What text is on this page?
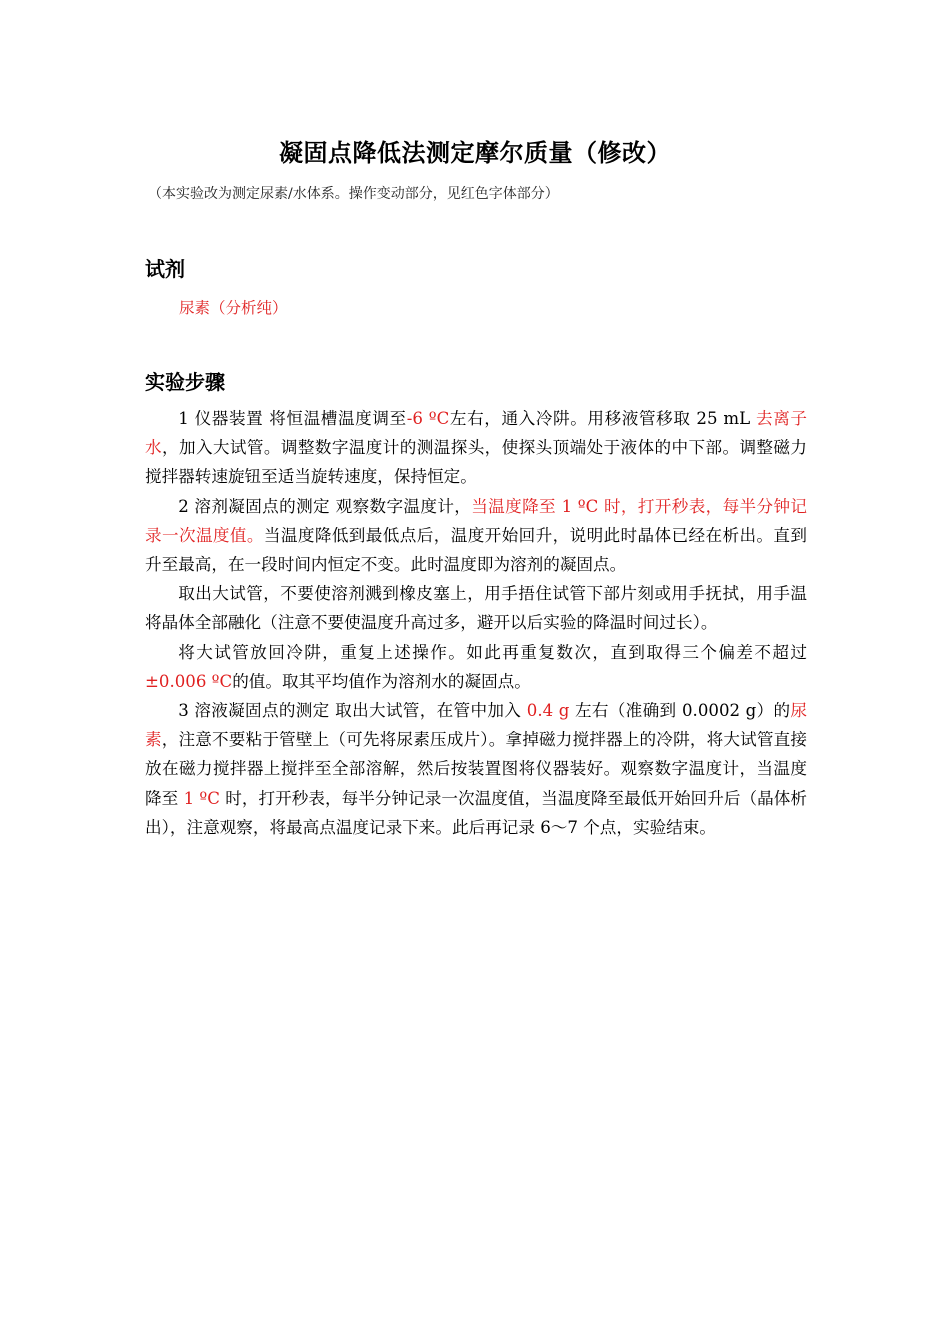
凝固点降低法测定摩尔质量（修改）
（本实验改为测定尿素/水体系。操作变动部分，见红色字体部分）
试剂
尿素（分析纯）
实验步骤

1 仪器装置 将恒温槽温度调至-6 ºC左右，通入冷阱。用移液管移取 25 mL 去离子水，加入大试管。调整数字温度计的测温探头，使探头顶端处于液体的中下部。调整磁力搅拌器转速旋钮至适当旋转速度，保持恒定。

2 溶剂凝固点的测定 观察数字温度计，当温度降至 1 ºC 时，打开秒表，每半分钟记录一次温度值。当温度降低到最低点后，温度开始回升，说明此时晶体已经在析出。直到升至最高，在一段时间内恒定不变。此时温度即为溶剂的凝固点。

取出大试管，不要使溶剂溅到橡皮塞上，用手捂住试管下部片刻或用手抚拭，用手温将晶体全部融化（注意不要使温度升高过多，避开以后实验的降温时间过长）。

将大试管放回冷阱，重复上述操作。如此再重复数次，直到取得三个偏差不超过±0.006 ºC的值。取其平均值作为溶剂水的凝固点。

3 溶液凝固点的测定 取出大试管，在管中加入 0.4 g 左右（准确到 0.0002 g）的尿素，注意不要粘于管壁上（可先将尿素压成片）。拿掉磁力搅拌器上的冷阱，将大试管直接放在磁力搅拌器上搅拌至全部溶解，然后按装置图将仪器装好。观察数字温度计，当温度降至 1 ºC 时，打开秒表，每半分钟记录一次温度值，当温度降至最低开始回升后（晶体析出），注意观察，将最高点温度记录下来。此后再记录 6～7 个点，实验结束。
